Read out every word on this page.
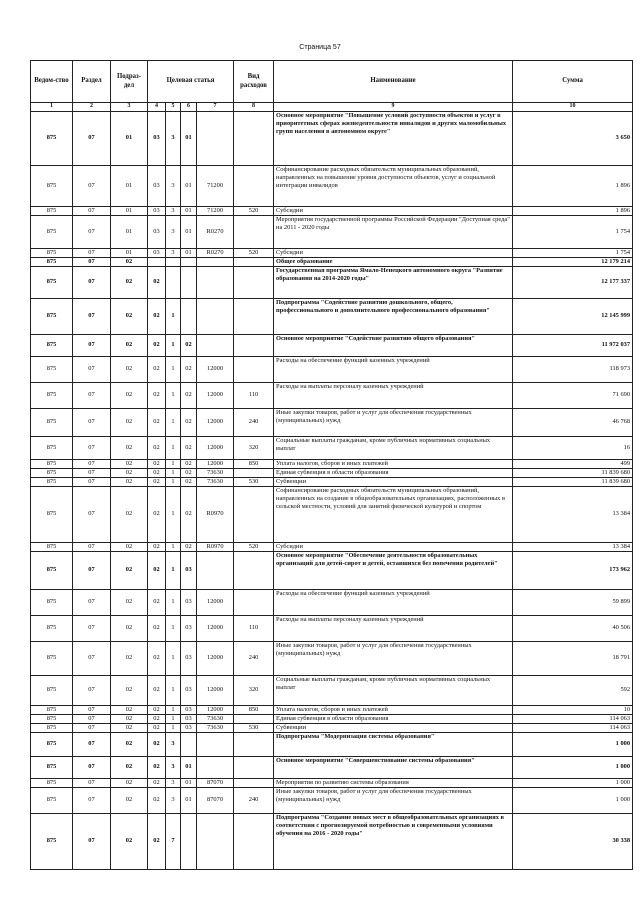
Страница 57
Ведом-ство	Раздел	Подраз-дел	Целевая статья				Вид расходов	Наименование	Сумма

1	2	3	4	5	6	7	8	9	10
875	07	01	03	3	01			Основное мероприятие "Повышение условий доступности объектов и услуг в приоритетных сферах жизнедеятельности инвалидов и других маломобильных групп населения в автономном округе"	3 650
875	07	01	03	3	01	71200		Софинансирование расходных обязательств муниципальных образований, направленных на повышение уровня доступности объектов, услуг и социальной интеграции инвалидов	1 896
875	07	01	03	3	01	71200	520	Субсидии	1 896
875	07	01	03	3	01	R0270		Мероприятия государственной программы Российской Федерации "Доступная среда" на 2011 - 2020 годы	1 754
875	07	01	03	3	01	R0270	520	Субсидии	1 754
875	07	02						Общее образование	12 179 214
875	07	02	02					Государственная программа Ямало-Ненецкого автономного округа "Развитие образования на 2014-2020 годы"	12 177 337
875	07	02	02	1				Подпрограмма "Содействие развитию дошкольного, общего, профессионального и дополнительного профессионального образования"	12 145 999
875	07	02	02	1	02			Основное мероприятие "Содействие развитию общего образования"	11 972 037
875	07	02	02	1	02	12000		Расходы на обеспечение функций казенных учреждений	118 973
875	07	02	02	1	02	12000	110	Расходы на выплаты персоналу казенных учреждений	71 690
875	07	02	02	1	02	12000	240	Иные закупки товаров, работ и услуг для обеспечения государственных (муниципальных) нужд	46 768
875	07	02	02	1	02	12000	320	Социальные выплаты гражданам, кроме публичных нормативных социальных выплат	16
875	07	02	02	1	02	12000	850	Уплата налогов, сборов и иных платежей	499
875	07	02	02	1	02	73630		Единая субвенция в области образования	11 839 680
875	07	02	02	1	02	73630	530	Субвенции	11 839 680
875	07	02	02	1	02	R0970		Софинансирование расходных обязательств муниципальных образований, направленных на создание в общеобразовательных организациях, расположенных в сельской местности, условий для занятий физической культурой и спортом	13 384
875	07	02	02	1	02	R0970	520	Субсидии	13 384
875	07	02	02	1	03			Основное мероприятие "Обеспечение деятельности образовательных организаций для детей-сирот и детей, оставшихся без попечения родителей"	173 962
875	07	02	02	1	03	12000		Расходы на обеспечение функций казенных учреждений	59 899
875	07	02	02	1	03	12000	110	Расходы на выплаты персоналу казенных учреждений	40 506
875	07	02	02	1	03	12000	240	Иные закупки товаров, работ и услуг для обеспечения государственных (муниципальных) нужд	18 791
875	07	02	02	1	03	12000	320	Социальные выплаты гражданам, кроме публичных нормативных социальных выплат	592
875	07	02	02	1	03	12000	850	Уплата налогов, сборов и иных платежей	10
875	07	02	02	1	03	73630		Единая субвенция в области образования	114 063
875	07	02	02	1	03	73630	530	Субвенции	114 063
875	07	02	02	3				Подпрограмма "Модернизация системы образования"	1 000
875	07	02	02	3	01			Основное мероприятие "Совершенствование системы образования"	1 000
875	07	02	02	3	01	87070		Мероприятия по развитию системы образования	1 000
875	07	02	02	3	01	87070	240	Иные закупки товаров, работ и услуг для обеспечения государственных (муниципальных) нужд	1 000
875	07	02	02	7				Подпрограмма "Создание новых мест в общеобразовательных организациях в соответствии с прогнозируемой потребностью и современными условиями обучения на 2016 - 2020 годы"	30 338
